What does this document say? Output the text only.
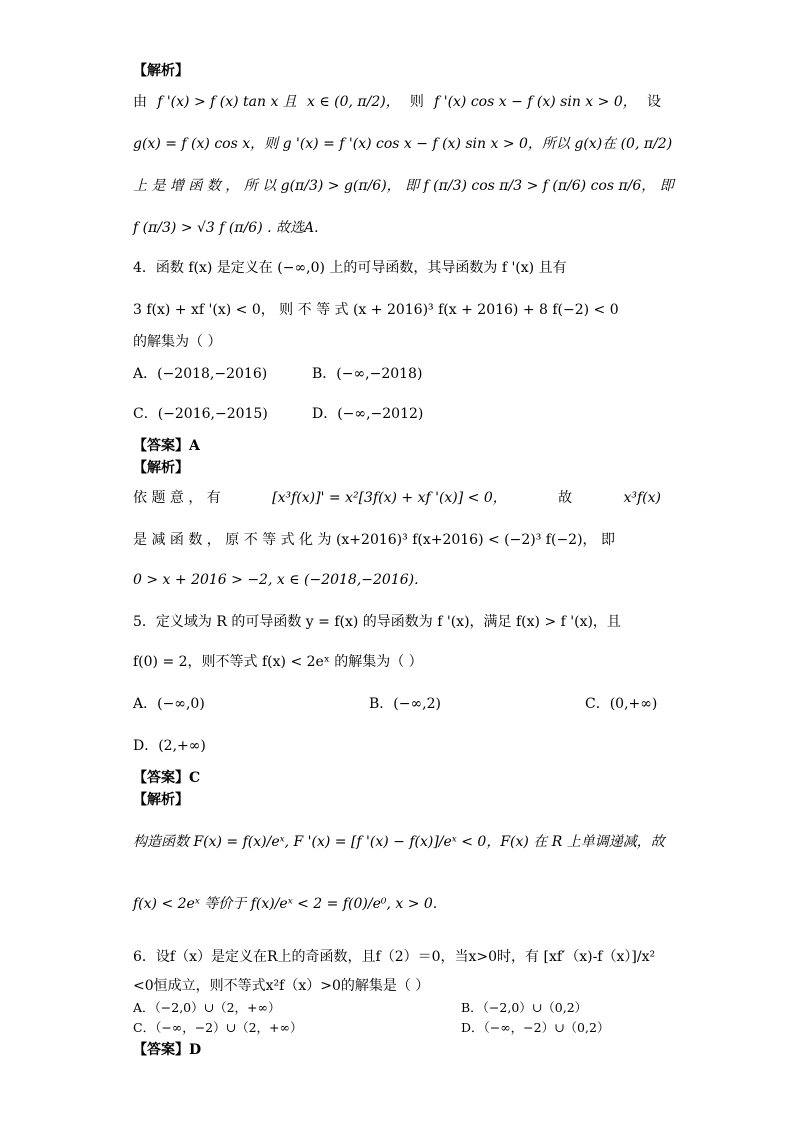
【解析】
由 f '(x) > f (x) tan x 且 x ∈ (0, π/2)， 则 f '(x) cos x − f (x) sin x > 0， 设
g(x) = f (x) cos x，则 g '(x) = f '(x) cos x − f (x) sin x > 0，所以 g(x)在 (0, π/2)
上 是 增 函 数 ， 所 以 g(π/3) > g(π/6)， 即 f (π/3) cos π/3 > f (π/6) cos π/6， 即
f (π/3) > √3 f (π/6) . 故选A.
4．函数 f(x) 是定义在 (−∞,0) 上的可导函数，其导函数为 f '(x) 且有
3 f(x) + xf '(x) < 0， 则 不 等 式 (x + 2016)³ f(x + 2016) + 8 f(−2) < 0
的解集为（ ）
A．(−2018,−2016)	B．(−∞,−2018)
C．(−2016,−2015)	D．(−∞,−2012)
【答案】A
【解析】
依 题 意 ， 有	[x³f(x)]' = x²[3f(x) + xf '(x)] < 0，	故	x³f(x)
是 减 函 数 ， 原 不 等 式 化 为 (x+2016)³ f(x+2016) < (−2)³ f(−2)， 即
0 > x + 2016 > −2, x ∈ (−2018,−2016).
5．定义域为 R 的可导函数 y = f(x) 的导函数为 f '(x)，满足 f(x) > f '(x)，且
f(0) = 2，则不等式 f(x) < 2eˣ 的解集为（ ）
A．(−∞,0)	B．(−∞,2)	C．(0,+∞)
D．(2,+∞)
【答案】C
【解析】
构造函数 F(x) = f(x)/eˣ, F '(x) = [f '(x) − f(x)]/eˣ < 0，F(x) 在 R 上单调递减，故
f(x) < 2eˣ 等价于 f(x)/eˣ < 2 = f(0)/e⁰, x > 0.
6．设f（x）是定义在R上的奇函数，且f（2）＝0，当x>0时，有 [xf′（x)-f（x）]/x²
<0恒成立，则不等式x²f（x）>0的解集是（ ）
A．（−2,0）∪（2，+∞）	B．（−2,0）∪（0,2）
C．（−∞，−2）∪（2，+∞）	D．（−∞，−2）∪（0,2）
【答案】D
